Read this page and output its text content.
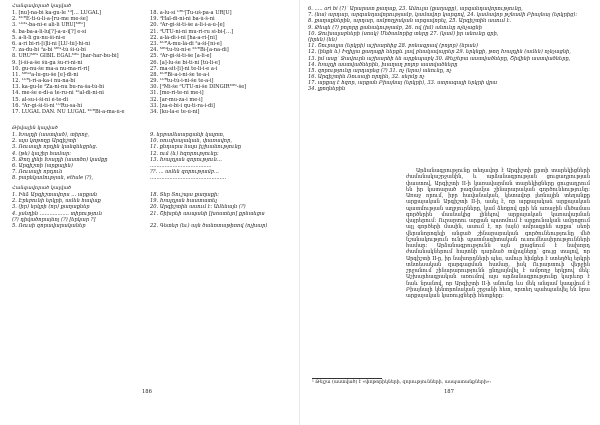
Հանգավորած կալված
1. [nu]-na-bi ka-gu-le ¹ᵈ[… LUGÁL]
2. ᴷᵁᴿE-ti-ú-li-a-[ru-me me-še]
3. ᴸᵁ²ᵃ-ba-ni-e ali-li URU[ᴹᴱˢ]
4. ba-ba-a-li-lu[?]-a-u-i[?] e-si
5. a-li-li gu-nu-ši-ni-e
6. a-ri bi-ri-[i]li-ni [LÚ-tú]-hi-ni
7. za-du-bi ᵈa-bi ᴹᴱˢ-tú ši-ú-bi
8. URUᴹᴱˢ GIBIL ÉGALᴹᴱˢ [har-har-bu-bi]
9. [i-ši-a-še šú-ga šu-ri-ni-ni
10. gu-nu-še ma-a nu-ma-ri-ri]
11. ᴹᴱˢᵈa-lu-gu-še [e]-di-ni
12. ᴸᵁᴿi-ri-a-ka-i nu-na-bi
13. ka-gu-le ᵈZa-ni-nu bu-ra-ša-tú-bi
14. me-še e-di-a te-ru-ni ¹ᵈal-di-ni-ni
15. al-su-i-ši-ni é-te-di
16. ᵈAr-gi-ši-ti-ni ᴸᵁRu-sa-hi
17. LUGÁL DAN. NU LUGÁL ᴷᵁᴿBi-a-ma-ú-e
18. a-lu-si ᵁᴿᵁ|Tu-uš-pa-a UR[U]
19. ᵈHal-di-ni-ni ba-ú-š-ni
20. ᵈAr-gi-ši-ti-še a-li-i-a-ú-[e]
21. ᵈUTU-ni-ni mu-ri-ru si-bi-[…]
22. a-lá-di-i-ni [ha-a-ri-[ni]
23. ᴷᵁᴿA-mu-lá-di ᵈa-ši-[ni-e]
24. ᴹᴱˢtu-tú-ni-e ᴷᵁᴿBi-[a-na-di]
25. ᵈAr-gi-ši-ti-še [a-li-e]
26. [a]-lu-še bi-ti-ni [tú-li-e]
27. ma-sit-[i]-ni te-li-i-e a-i
28. ᴷᵁᴿBi-a-i-ni-še te-a-i
29. ᴸᵁᴿtu-tú-i-ni-še te-a-i]
30. [ᵈMi-še ᵈUTU-ni-še DINGIRᴹᴱˢ-še]
31. [mo-ri-te-ni me-i]
32. [ar-mu-za-i me-i]
33. [za-é-bi-i qu-ti-ra-i-di]
34. [ku-la-e te-ú-ni]
Թիվային կալված
1. Խալդի (աստված), տիրոջ,
2. այս կոթողը Արգիշտի՝
3. Ռուսայի որդին կանգնեցրեց.
4. (թե) կաշիր համար:
5. Թող լինի Խալդի (աստծո) կամքը
6. Արգիշտի (արքային)
7. Ռուսայի որդուն
8. բարեկամության, ethule (?),
9. երբամեսարգանի կալոտ,
10. ռուսխայական, փառավոր,
11. քնդարա նալս իշխանությունը
12. ում (և) հզորությունը:
13. Խալդյան զորություն...
......................................
??. ... ամեն զորությամբ...
...............................................
Հանգավորած կալված
1. Ինձ Արգիշտավորս ... արքան
2. Էրեբունի երկրի, ամեն հավաք
3. (իր) երկրի (որ) քաղաքներ
4. լանդին .................. տիրություն
(?) դիվածորայնոյ (?) [երկար ?]
5. Ռուսի զորավարականեր
18. Տեր Տուշպա քաղաքի:
19. Խալդյան հաստատել
20. Արգիշտին ասում է: Ամենայն (?)
21. Շիխրեի ասպանի [խոստելո] քրնաեցա
22. Գետեր (եւ) այն ծանոտաթիռով (ոչխար)
186
6. ..... ari bi (?)՝ Արարատ քաղաք, 23. Ամուլա (քաղաքը), արգանդավորությունը,
7. (նա) արդար, արգանդավորությամբ, կամավոր կարգով, 24. կամավոր թշնամի Բիայնայ (երկրից):
8. քաղաքներին, արդար, ամբողջական արգավորել, 25. Արգիշտին ասում է.
9. Թեպե (?) բոլորը քանակությամբ, 26. ով (իմ) անունը ոչնչացնի
10. Ջուխալաբների (սոսկ) Մեծամորից տերը 27. (կամ) իր անունը գրի,
(իրեն) (են)
11. Շուրալյա (երկրի) աշխարհից 28. բռնագրավ (բոլոր) (նրան)
12. (ինքն և) Իղիլյա քաղաքի ներքև լավ բնակավայրեր 29. երկնքի, թող Խալդին (ամեն) ոչնչացնի,
13. իմ ասք՝ Ջավուրն աշխարհի են արքեպաբկ 30. Թեյշեբա աստվածները, Շիվինի աստվածները,
14. Խալդի աստվածներին, խաղաղ բոլոր աստվածները
15. զորությունը արդարեց (?) 31. ոչ (նրա) անունը, ոչ
16. Արգիշտին Ռուսայի որդին, 32. սերմը ոչ
17. արքայ է հզոր, արքան Բիայնայ (երկրի), 33. ստրագայի երկրի վրա
34. լքողներին

Արձանագրությունը տեղավոր է Արգիշտի քրտի տարեկիցների ժամանակաշրջանին, և արձանագրության ցուցադրության փաստով, Արգիշտի II-ի կառավարման տարեկիցները ցուցադրում են իր կատարած բազմամյա շինարարական գործունեությունը: Առաջ որում, իբր հավանական, կետավոր լեռնային տեղանքը արքայական Արգիշտի II-ի, ասել է, որ արքայակաճ արքայական պատմության աղբյուրները, կամ ձեռքով գրի են առաջին մեծամաս գործերին մասնակից լինելով արքայական կառավարման վայրերում: Ուրարտու արքան պատմում է արքունական ամրոցում այլ գործերի մասին, ասում է, որ (այն) ամրագրեն արքա՝ սեռի վերանորոգելի անցած շինարարական գործունեությունը մեծ նշանակություն ունի պատմագիտական ուսումնասիրությունների համար: Արձանագրությունն այն լրացնում է նախորդ ժամանակներում հայտնի դարձած տվյալները՝ ցույց տալով, որ Արգիշտի II-ը, իր նախորդների պես, ամուր հիմքեր է ստեղծել երկրի տնտեսական զարգացման համար, իսկ Ուրարտուի վերջին շրջանում շինարարությունն ընդլայնվել է ամբողջ երկրով մեկ: Աշխարհագրական առումով այս արձանագրությունը կարևոր է նաև նրանով, որ Արգիշտի II-ի անունը ևս մեկ անգամ կապվում է Բիայնայի կենտրոնական շրջանի հետ, որտեղ պահպանվել են նրա արքայական կառույցների հետքերը:

¹ Թեյշա (աստված) է «փոթորիկների, զորությունների, ասպատանքների»:
187
